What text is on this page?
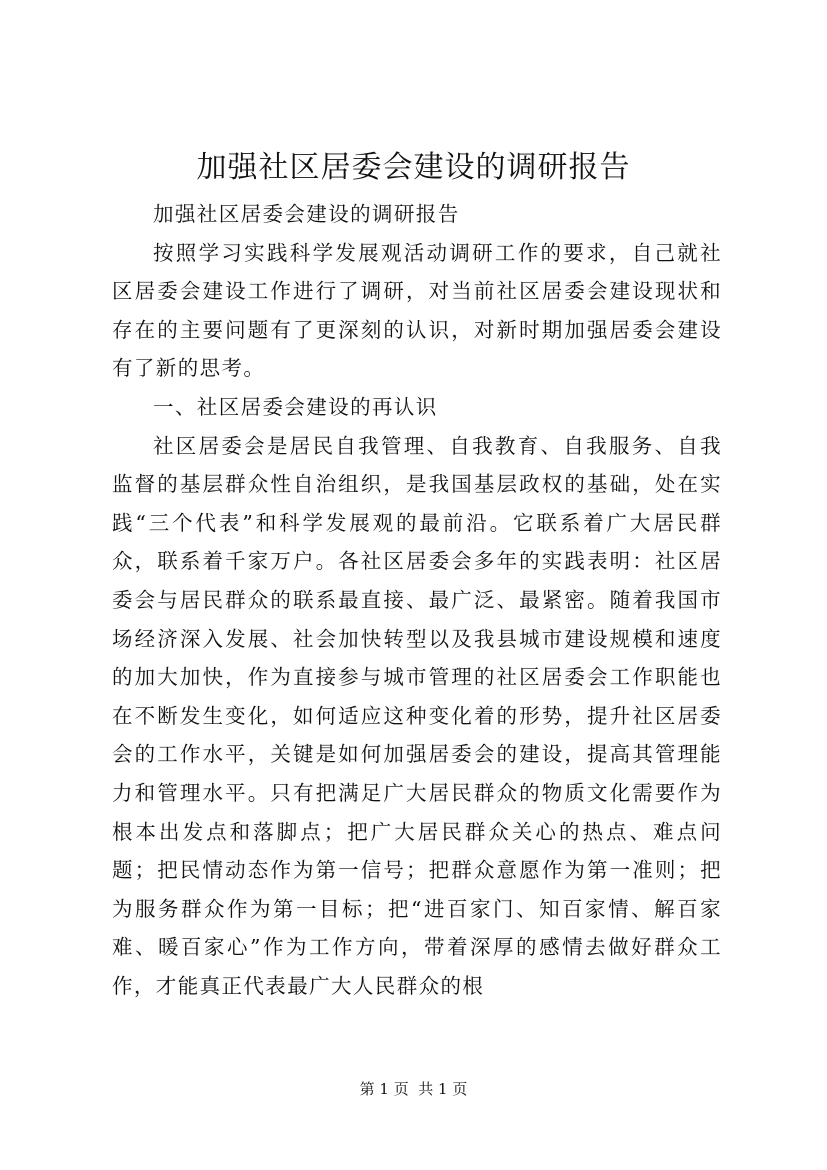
加强社区居委会建设的调研报告

加强社区居委会建设的调研报告

按照学习实践科学发展观活动调研工作的要求，自己就社区居委会建设工作进行了调研，对当前社区居委会建设现状和存在的主要问题有了更深刻的认识，对新时期加强居委会建设有了新的思考。

一、社区居委会建设的再认识

社区居委会是居民自我管理、自我教育、自我服务、自我监督的基层群众性自治组织，是我国基层政权的基础，处在实践“三个代表”和科学发展观的最前沿。它联系着广大居民群众，联系着千家万户。各社区居委会多年的实践表明：社区居委会与居民群众的联系最直接、最广泛、最紧密。随着我国市场经济深入发展、社会加快转型以及我县城市建设规模和速度的加大加快，作为直接参与城市管理的社区居委会工作职能也在不断发生变化，如何适应这种变化着的形势，提升社区居委会的工作水平，关键是如何加强居委会的建设，提高其管理能力和管理水平。只有把满足广大居民群众的物质文化需要作为根本出发点和落脚点；把广大居民群众关心的热点、难点问题；把民情动态作为第一信号；把群众意愿作为第一准则；把为服务群众作为第一目标；把“进百家门、知百家情、解百家难、暖百家心”作为工作方向，带着深厚的感情去做好群众工作，才能真正代表最广大人民群众的根

第 1 页  共 1 页
